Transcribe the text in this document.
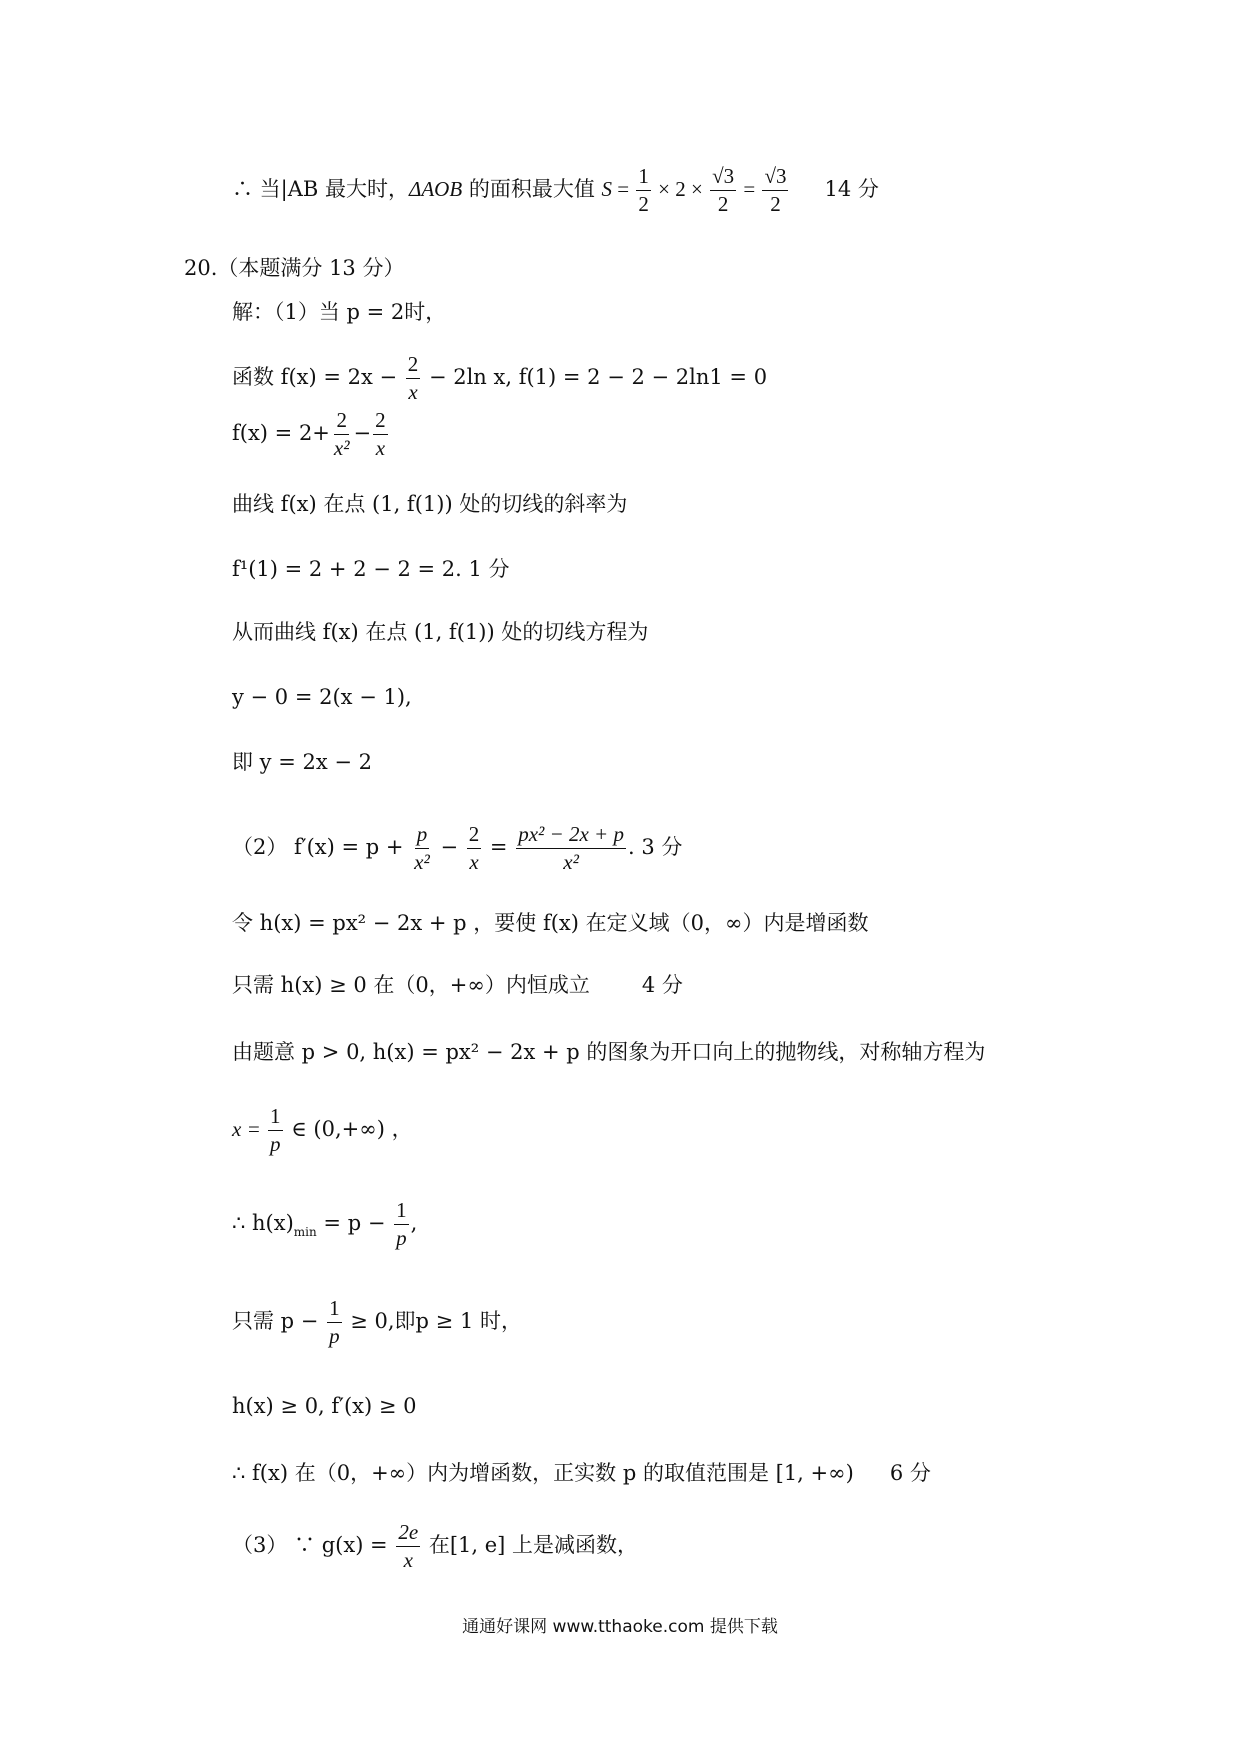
∴ 当|AB 最大时，ΔAOB 的面积最大值 $S = \frac{1}{2} \times 2 \times \frac{√3}{2} = \frac{√3}{2} 14$ 分
20.（本题满分 13 分）
解：（1）当 p = 2时，
函数 $f(x) = 2x - \frac{2}{x} - 2\ln$ x, f(1) = 2 − 2 − 2ln1 = 0
$f(x) = 2+ \frac{2}{\text{x²}} - \frac{2}{x}$
曲线 f(x) 在点 (1, f(1)) 处的切线的斜率为
f¹(1) = 2 + 2 − 2 = 2. 1 分
从而曲线 f(x) 在点 (1, f(1)) 处的切线方程为
y − 0 = 2(x − 1),
即 y = 2x − 2
（2） $f'(x) = p + \frac{p}{\text{x²}} - \frac{2}{x} = \frac{\text{px² − 2x + p}}{\text{x²}}$ . 3 分
令 h(x) = px² − 2x + p ，要使 f(x) 在定义域（0，∞）内是增函数
只需 h(x) ≥ 0 在（0，+∞）内恒成立 4 分
由题意 p > 0, h(x) = px² − 2x + p 的图象为开口向上的抛物线，对称轴方程为
$x = \frac{1}{p}$ ∈ (0,+∞) ，
∴ $h(x)_{min} = p - \frac{1}{p}$ ,
只需 $p - \frac{1}{p} \ge 0$,即p ≥ 1 时，
h(x) ≥ 0, f′(x) ≥ 0
∴ f(x) 在（0，+∞）内为增函数，正实数 p 的取值范围是 [1, +∞) 6 分
（3） ∵ $g(x) = \frac{2e}{x}$ 在[1, e] 上是减函数，
通通好课网 www.tthaoke.com 提供下载
